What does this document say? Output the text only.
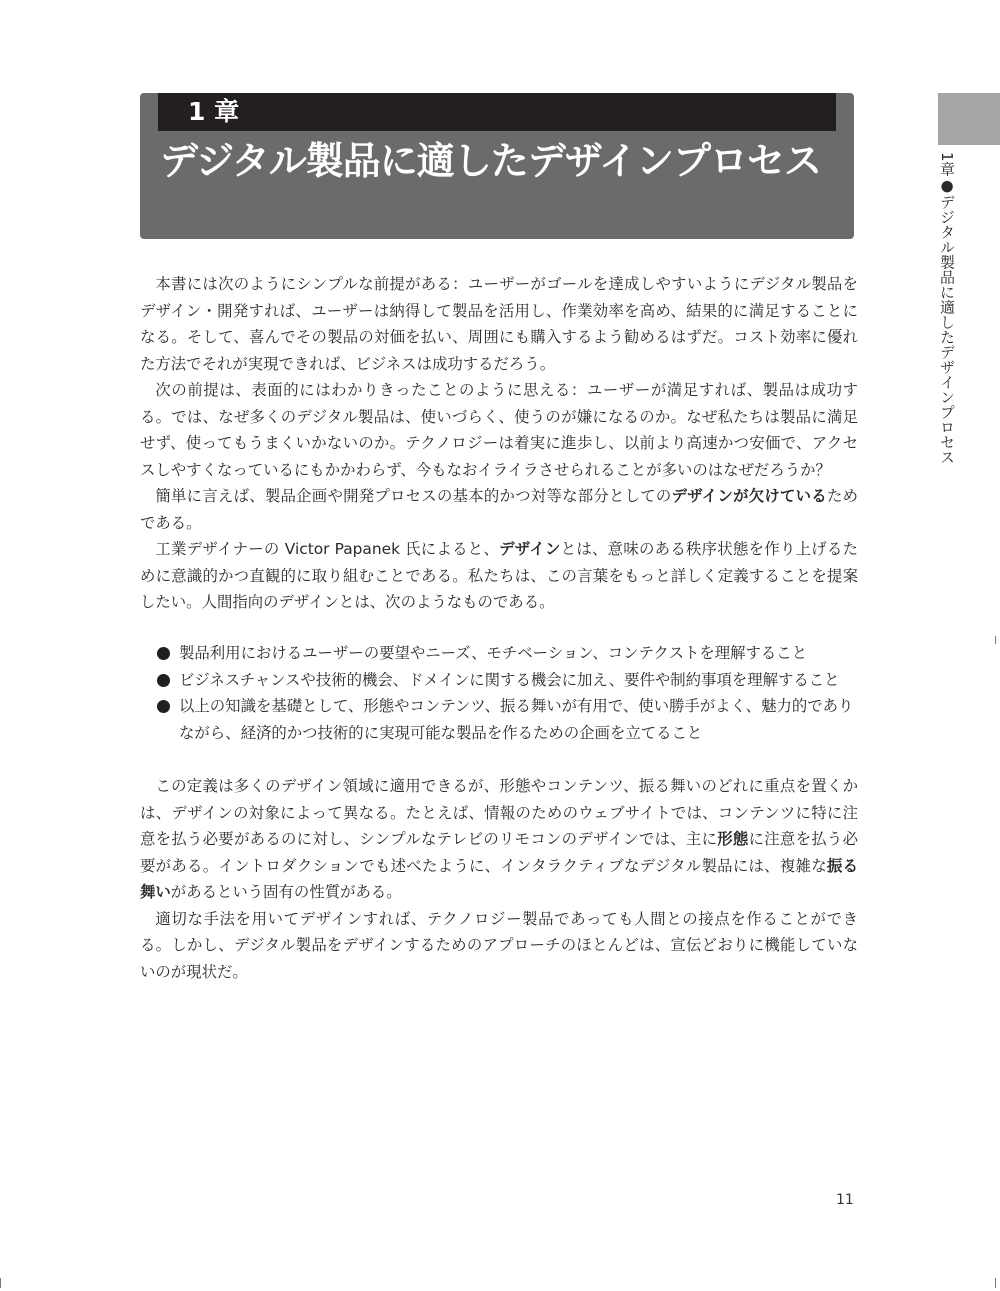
1 章
デジタル製品に適したデザインプロセス	1章●デジタル製品に適したデザインプロセス

本書には次のようにシンプルな前提がある：ユーザーがゴールを達成しやすいようにデジタル製品をデザイン・開発すれば、ユーザーは納得して製品を活用し、作業効率を高め、結果的に満足することになる。そして、喜んでその製品の対価を払い、周囲にも購入するよう勧めるはずだ。コスト効率に優れた方法でそれが実現できれば、ビジネスは成功するだろう。

次の前提は、表面的にはわかりきったことのように思える：ユーザーが満足すれば、製品は成功する。では、なぜ多くのデジタル製品は、使いづらく、使うのが嫌になるのか。なぜ私たちは製品に満足せず、使ってもうまくいかないのか。テクノロジーは着実に進歩し、以前より高速かつ安価で、アクセスしやすくなっているにもかかわらず、今もなおイライラさせられることが多いのはなぜだろうか？

簡単に言えば、製品企画や開発プロセスの基本的かつ対等な部分としてのデザインが欠けているためである。

工業デザイナーの Victor Papanek 氏によると、デザインとは、意味のある秩序状態を作り上げるために意識的かつ直観的に取り組むことである。私たちは、この言葉をもっと詳しく定義することを提案したい。人間指向のデザインとは、次のようなものである。

製品利用におけるユーザーの要望やニーズ、モチベーション、コンテクストを理解すること
ビジネスチャンスや技術的機会、ドメインに関する機会に加え、要件や制約事項を理解すること
以上の知識を基礎として、形態やコンテンツ、振る舞いが有用で、使い勝手がよく、魅力的でありながら、経済的かつ技術的に実現可能な製品を作るための企画を立てること

この定義は多くのデザイン領域に適用できるが、形態やコンテンツ、振る舞いのどれに重点を置くかは、デザインの対象によって異なる。たとえば、情報のためのウェブサイトでは、コンテンツに特に注意を払う必要があるのに対し、シンプルなテレビのリモコンのデザインでは、主に形態に注意を払う必要がある。イントロダクションでも述べたように、インタラクティブなデジタル製品には、複雑な振る舞いがあるという固有の性質がある。

適切な手法を用いてデザインすれば、テクノロジー製品であっても人間との接点を作ることができる。しかし、デジタル製品をデザインするためのアプローチのほとんどは、宣伝どおりに機能していないのが現状だ。

11
